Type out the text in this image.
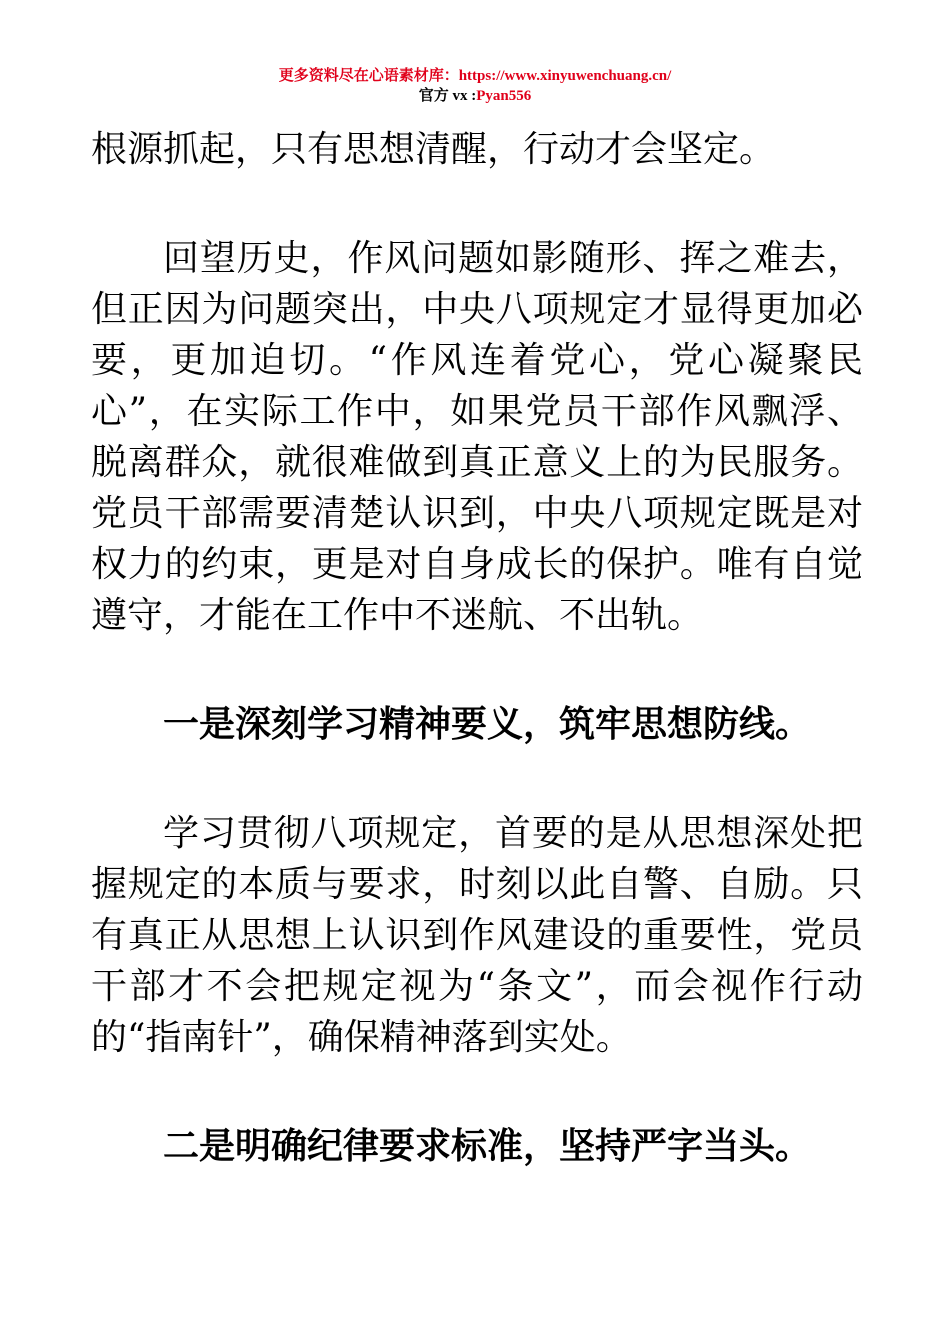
更多资料尽在心语素材库：https://www.xinyuwenchuang.cn/
官方 vx :Pyan556

根源抓起，只有思想清醒，行动才会坚定。

回望历史，作风问题如影随形、挥之难去，但正因为问题突出，中央八项规定才显得更加必要，更加迫切。“作风连着党心，党心凝聚民心”，在实际工作中，如果党员干部作风飘浮、脱离群众，就很难做到真正意义上的为民服务。党员干部需要清楚认识到，中央八项规定既是对权力的约束，更是对自身成长的保护。唯有自觉遵守，才能在工作中不迷航、不出轨。

一是深刻学习精神要义，筑牢思想防线。

学习贯彻八项规定，首要的是从思想深处把握规定的本质与要求，时刻以此自警、自励。只有真正从思想上认识到作风建设的重要性，党员干部才不会把规定视为“条文”，而会视作行动的“指南针”，确保精神落到实处。

二是明确纪律要求标准，坚持严字当头。
